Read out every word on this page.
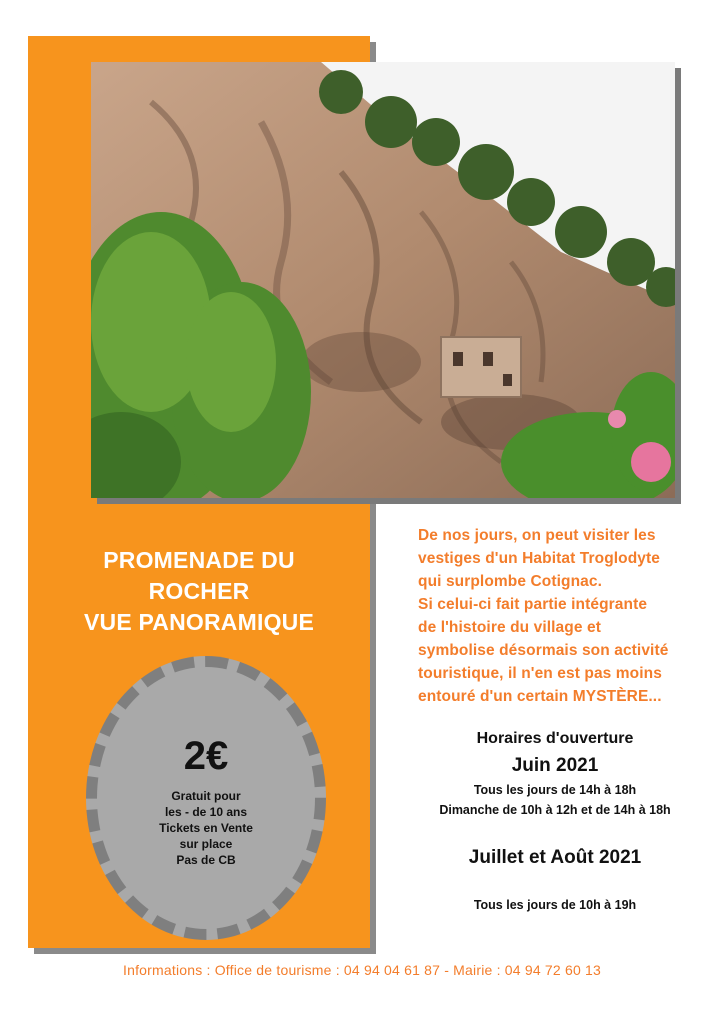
PROMENADE DU
ROCHER
VUE PANORAMIQUE
2€
Gratuit pour
les - de 10 ans
Tickets en Vente
sur place
Pas de CB
De nos jours, on peut visiter les
vestiges d'un Habitat Troglodyte
qui surplombe Cotignac.
Si celui-ci fait partie intégrante
de l'histoire du village et
symbolise désormais son activité
touristique, il n'en est pas moins
entouré d'un certain MYSTÈRE...
Horaires d'ouverture
Juin 2021
Tous les jours de 14h à 18h
Dimanche de 10h à 12h et de 14h à 18h
Juillet et Août 2021
Tous les jours de 10h à 19h
Informations : Office de tourisme : 04 94 04 61 87 - Mairie : 04 94 72 60 13
